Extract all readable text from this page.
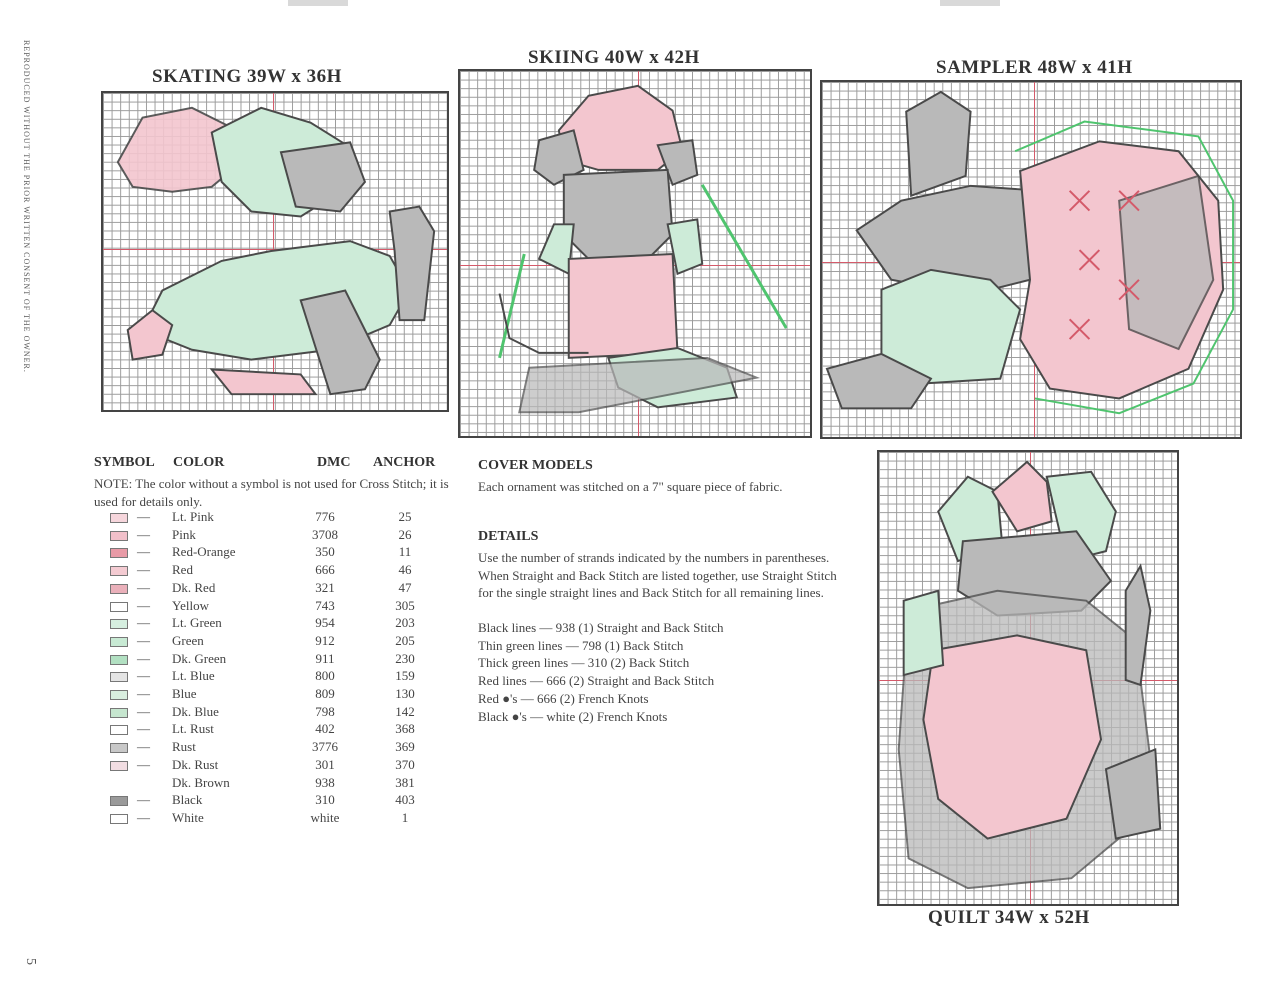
REPRODUCED WITHOUT THE PRIOR WRITTEN CONSENT OF THE OWNER.
5
SKATING 39W x 36H
SKIING 40W x 42H	SAMPLER 48W x 41H
QUILT 34W x 52H
SYMBOL COLOR	DMC ANCHOR
NOTE: The color without a symbol is not used for Cross Stitch; it is used for details only.
— Lt. Pink	776	25
— Pink	3708	26
— Red-Orange	350	11
— Red	666	46
— Dk. Red	321	47
— Yellow	743	305
— Lt. Green	954	203
— Green	912	205
— Dk. Green	911	230
— Lt. Blue	800	159
— Blue	809	130
— Dk. Blue	798	142
— Lt. Rust	402	368
— Rust	3776	369
— Dk. Rust	301	370
Dk. Brown	938	381
— Black	310	403
— White	white	1
COVER MODELS
Each ornament was stitched on a 7" square piece of fabric.
DETAILS
Use the number of strands indicated by the numbers in parentheses. When Straight and Back Stitch are listed together, use Straight Stitch for the single straight lines and Back Stitch for all remaining lines.
Black lines — 938 (1) Straight and Back Stitch
Thin green lines — 798 (1) Back Stitch
Thick green lines — 310 (2) Back Stitch
Red lines — 666 (2) Straight and Back Stitch
Red ●'s — 666 (2) French Knots
Black ●'s — white (2) French Knots
